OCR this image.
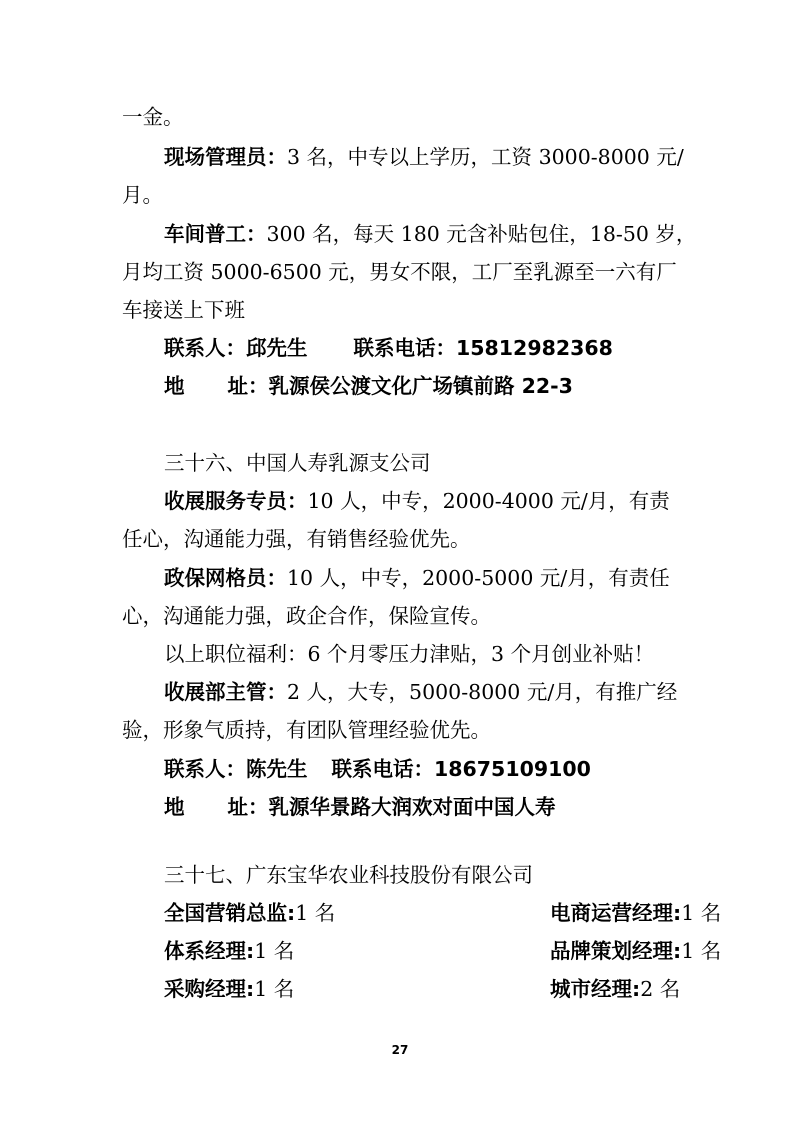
一金。
现场管理员：3 名，中专以上学历，工资 3000-8000 元/
月。
车间普工：300 名，每天 180 元含补贴包住，18-50 岁，
月均工资 5000-6500 元，男女不限，工厂至乳源至一六有厂
车接送上下班
联系人：邱先生 联系电话：15812982368
地 址：乳源侯公渡文化广场镇前路 22-3
三十六、中国人寿乳源支公司
收展服务专员：10 人，中专，2000-4000 元/月，有责
任心，沟通能力强，有销售经验优先。
政保网格员：10 人，中专，2000-5000 元/月，有责任
心，沟通能力强，政企合作，保险宣传。
以上职位福利：6 个月零压力津贴，3 个月创业补贴！
收展部主管：2 人，大专，5000-8000 元/月，有推广经
验，形象气质持，有团队管理经验优先。
联系人：陈先生 联系电话：18675109100
地 址：乳源华景路大润欢对面中国人寿
三十七、广东宝华农业科技股份有限公司
全国营销总监:1 名	电商运营经理:1 名
体系经理:1 名	品牌策划经理:1 名
采购经理:1 名	城市经理:2 名
27
